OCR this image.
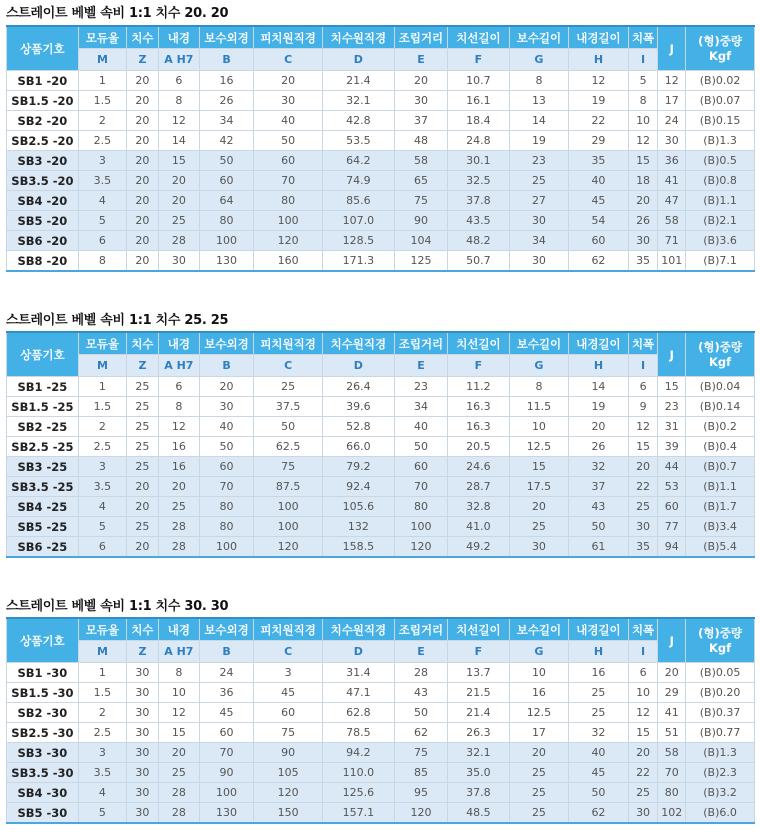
스트레이트 베벨 속비 1:1 치수 20. 20
상품기호	모듀울	치수	내경	보수외경	피치원직경	치수원직경	조립거리	치선길이	보수길이	내경길이	치폭	J	(형)중량
Kgf

	M	Z	A H7	B	C	D	E	F	G	H	I		
SB1 -20	1	20	6	16	20	21.4	20	10.7	8	12	5	12	(B)0.02
SB1.5 -20	1.5	20	8	26	30	32.1	30	16.1	13	19	8	17	(B)0.07
SB2 -20	2	20	12	34	40	42.8	37	18.4	14	22	10	24	(B)0.15
SB2.5 -20	2.5	20	14	42	50	53.5	48	24.8	19	29	12	30	(B)1.3
SB3 -20	3	20	15	50	60	64.2	58	30.1	23	35	15	36	(B)0.5
SB3.5 -20	3.5	20	20	60	70	74.9	65	32.5	25	40	18	41	(B)0.8
SB4 -20	4	20	20	64	80	85.6	75	37.8	27	45	20	47	(B)1.1
SB5 -20	5	20	25	80	100	107.0	90	43.5	30	54	26	58	(B)2.1
SB6 -20	6	20	28	100	120	128.5	104	48.2	34	60	30	71	(B)3.6
SB8 -20	8	20	30	130	160	171.3	125	50.7	30	62	35	101	(B)7.1
스트레이트 베벨 속비 1:1 치수 25. 25
상품기호	모듀울	치수	내경	보수외경	피치원직경	치수원직경	조립거리	치선길이	보수길이	내경길이	치폭	J	(형)중량
Kgf

	M	Z	A H7	B	C	D	E	F	G	H	I		
SB1 -25	1	25	6	20	25	26.4	23	11.2	8	14	6	15	(B)0.04
SB1.5 -25	1.5	25	8	30	37.5	39.6	34	16.3	11.5	19	9	23	(B)0.14
SB2 -25	2	25	12	40	50	52.8	40	16.3	10	20	12	31	(B)0.2
SB2.5 -25	2.5	25	16	50	62.5	66.0	50	20.5	12.5	26	15	39	(B)0.4
SB3 -25	3	25	16	60	75	79.2	60	24.6	15	32	20	44	(B)0.7
SB3.5 -25	3.5	20	20	70	87.5	92.4	70	28.7	17.5	37	22	53	(B)1.1
SB4 -25	4	20	25	80	100	105.6	80	32.8	20	43	25	60	(B)1.7
SB5 -25	5	25	28	80	100	132	100	41.0	25	50	30	77	(B)3.4
SB6 -25	6	20	28	100	120	158.5	120	49.2	30	61	35	94	(B)5.4
스트레이트 베벨 속비 1:1 치수 30. 30
상품기호	모듀울	치수	내경	보수외경	피치원직경	치수원직경	조립거리	치선길이	보수길이	내경길이	치폭	J	(형)중량
Kgf

	M	Z	A H7	B	C	D	E	F	G	H	I		
SB1 -30	1	30	8	24	3	31.4	28	13.7	10	16	6	20	(B)0.05
SB1.5 -30	1.5	30	10	36	45	47.1	43	21.5	16	25	10	29	(B)0.20
SB2 -30	2	30	12	45	60	62.8	50	21.4	12.5	25	12	41	(B)0.37
SB2.5 -30	2.5	30	15	60	75	78.5	62	26.3	17	32	15	51	(B)0.77
SB3 -30	3	30	20	70	90	94.2	75	32.1	20	40	20	58	(B)1.3
SB3.5 -30	3.5	30	25	90	105	110.0	85	35.0	25	45	22	70	(B)2.3
SB4 -30	4	30	28	100	120	125.6	95	37.8	25	50	25	80	(B)3.2
SB5 -30	5	30	28	130	150	157.1	120	48.5	25	62	30	102	(B)6.0
